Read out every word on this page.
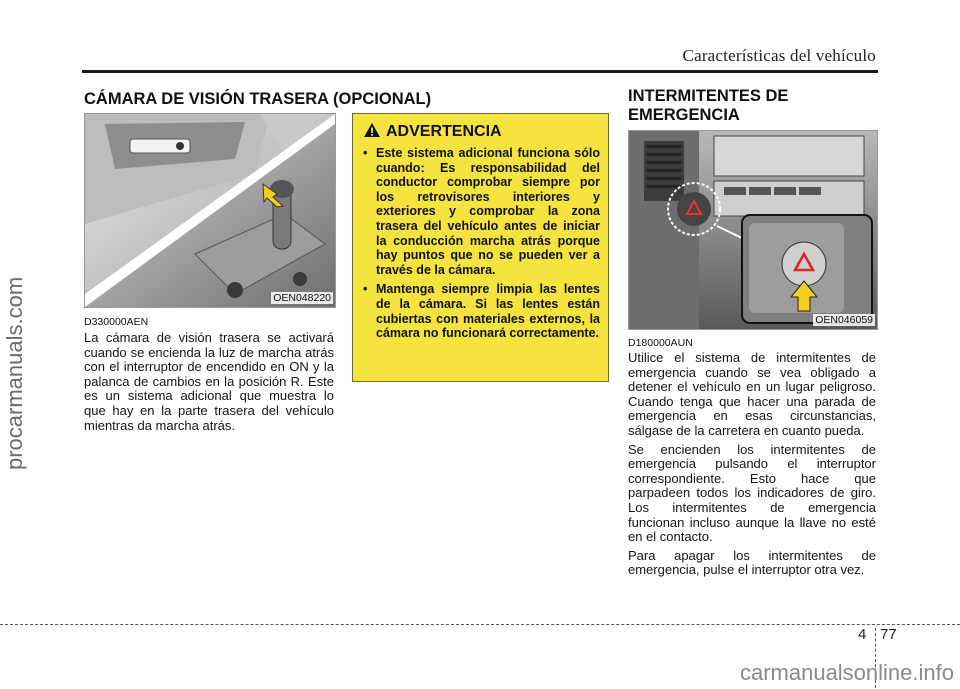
Características del vehículo
procarmanuals.com
CÁMARA DE VISIÓN TRASERA (OPCIONAL)
OEN048220
D330000AEN
La cámara de visión trasera se activará cuando se encienda la luz de marcha atrás con el interruptor de encendido en ON y la palanca de cambios en la posición R. Este es un sistema adicional que muestra lo que hay en la parte trasera del vehículo mientras da marcha atrás.
ADVERTENCIA
• Este sistema adicional funciona sólo cuando: Es responsabilidad del conductor comprobar siempre por los retrovisores interiores y exteriores y comprobar la zona trasera del vehículo antes de iniciar la conducción marcha atrás porque hay puntos que no se pueden ver a través de la cámara.
• Mantenga siempre limpia las lentes de la cámara. Si las lentes están cubiertas con materiales externos, la cámara no funcionará correctamente.
INTERMITENTES DE
EMERGENCIA
OEN046059
D180000AUN

Utilice el sistema de intermitentes de emergencia cuando se vea obligado a detener el vehículo en un lugar peligroso. Cuando tenga que hacer una parada de emergencia en esas circunstancias, sálgase de la carretera en cuanto pueda.

Se encienden los intermitentes de emergencia pulsando el interruptor correspondiente. Esto hace que parpadeen todos los indicadores de giro. Los intermitentes de emergencia funcionan incluso aunque la llave no esté en el contacto.

Para apagar los intermitentes de emergencia, pulse el interruptor otra vez.

4 77
carmanualsonline.info
